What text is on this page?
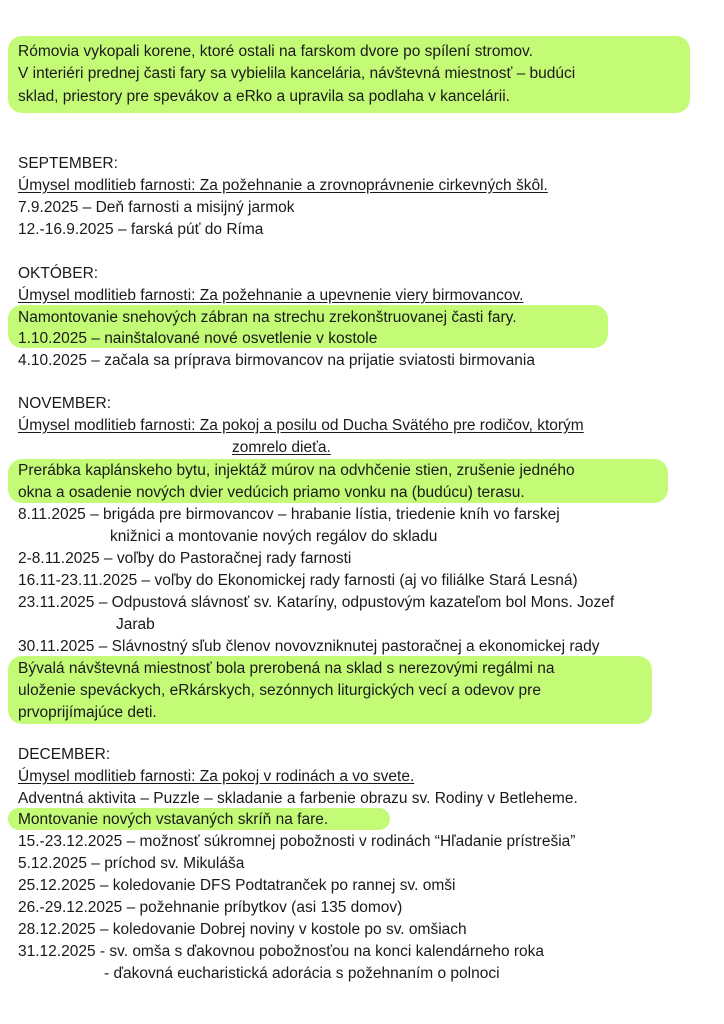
Rómovia vykopali korene, ktoré ostali na farskom dvore po spílení stromov.
V interiéri prednej časti fary sa vybielila kancelária, návštevná miestnosť – budúci
sklad, priestory pre spevákov a eRko a upravila sa podlaha v kancelárii.
SEPTEMBER:
Úmysel modlitieb farnosti: Za požehnanie a zrovnoprávnenie cirkevných škôl.
7.9.2025 – Deň farnosti a misijný jarmok
12.-16.9.2025 – farská púť do Ríma
OKTÓBER:
Úmysel modlitieb farnosti: Za požehnanie a upevnenie viery birmovancov.
Namontovanie snehových zábran na strechu zrekonštruovanej časti fary.
1.10.2025 – nainštalované nové osvetlenie v kostole
4.10.2025 – začala sa príprava birmovancov na prijatie sviatosti birmovania
NOVEMBER:
Úmysel modlitieb farnosti: Za pokoj a posilu od Ducha Svätého pre rodičov, ktorým
zomrelo dieťa.
Prerábka kaplánskeho bytu, injektáž múrov na odvhčenie stien, zrušenie jedného
okna a osadenie nových dvier vedúcich priamo vonku na (budúcu) terasu.
8.11.2025 – brigáda pre birmovancov – hrabanie lístia, triedenie kníh vo farskej
knižnici a montovanie nových regálov do skladu
2-8.11.2025 – voľby do Pastoračnej rady farnosti
16.11-23.11.2025 – voľby do Ekonomickej rady farnosti (aj vo filiálke Stará Lesná)
23.11.2025 – Odpustová slávnosť sv. Kataríny, odpustovým kazateľom bol Mons. Jozef
Jarab
30.11.2025 – Slávnostný sľub členov novovzniknutej pastoračnej a ekonomickej rady
Bývalá návštevná miestnosť bola prerobená na sklad s nerezovými regálmi na
uloženie speváckych, eRkárskych, sezónnych liturgických vecí a odevov pre
prvoprijímajúce deti.
DECEMBER:
Úmysel modlitieb farnosti: Za pokoj v rodinách a vo svete.
Adventná aktivita – Puzzle – skladanie a farbenie obrazu sv. Rodiny v Betleheme.
Montovanie nových vstavaných skríň na fare.
15.-23.12.2025 – možnosť súkromnej pobožnosti v rodinách “Hľadanie prístrešia”
5.12.2025 – príchod sv. Mikuláša
25.12.2025 – koledovanie DFS Podtatranček po rannej sv. omši
26.-29.12.2025 – požehnanie príbytkov (asi 135 domov)
28.12.2025 – koledovanie Dobrej noviny v kostole po sv. omšiach
31.12.2025 - sv. omša s ďakovnou pobožnosťou na konci kalendárneho roka
- ďakovná eucharistická adorácia s požehnaním o polnoci
